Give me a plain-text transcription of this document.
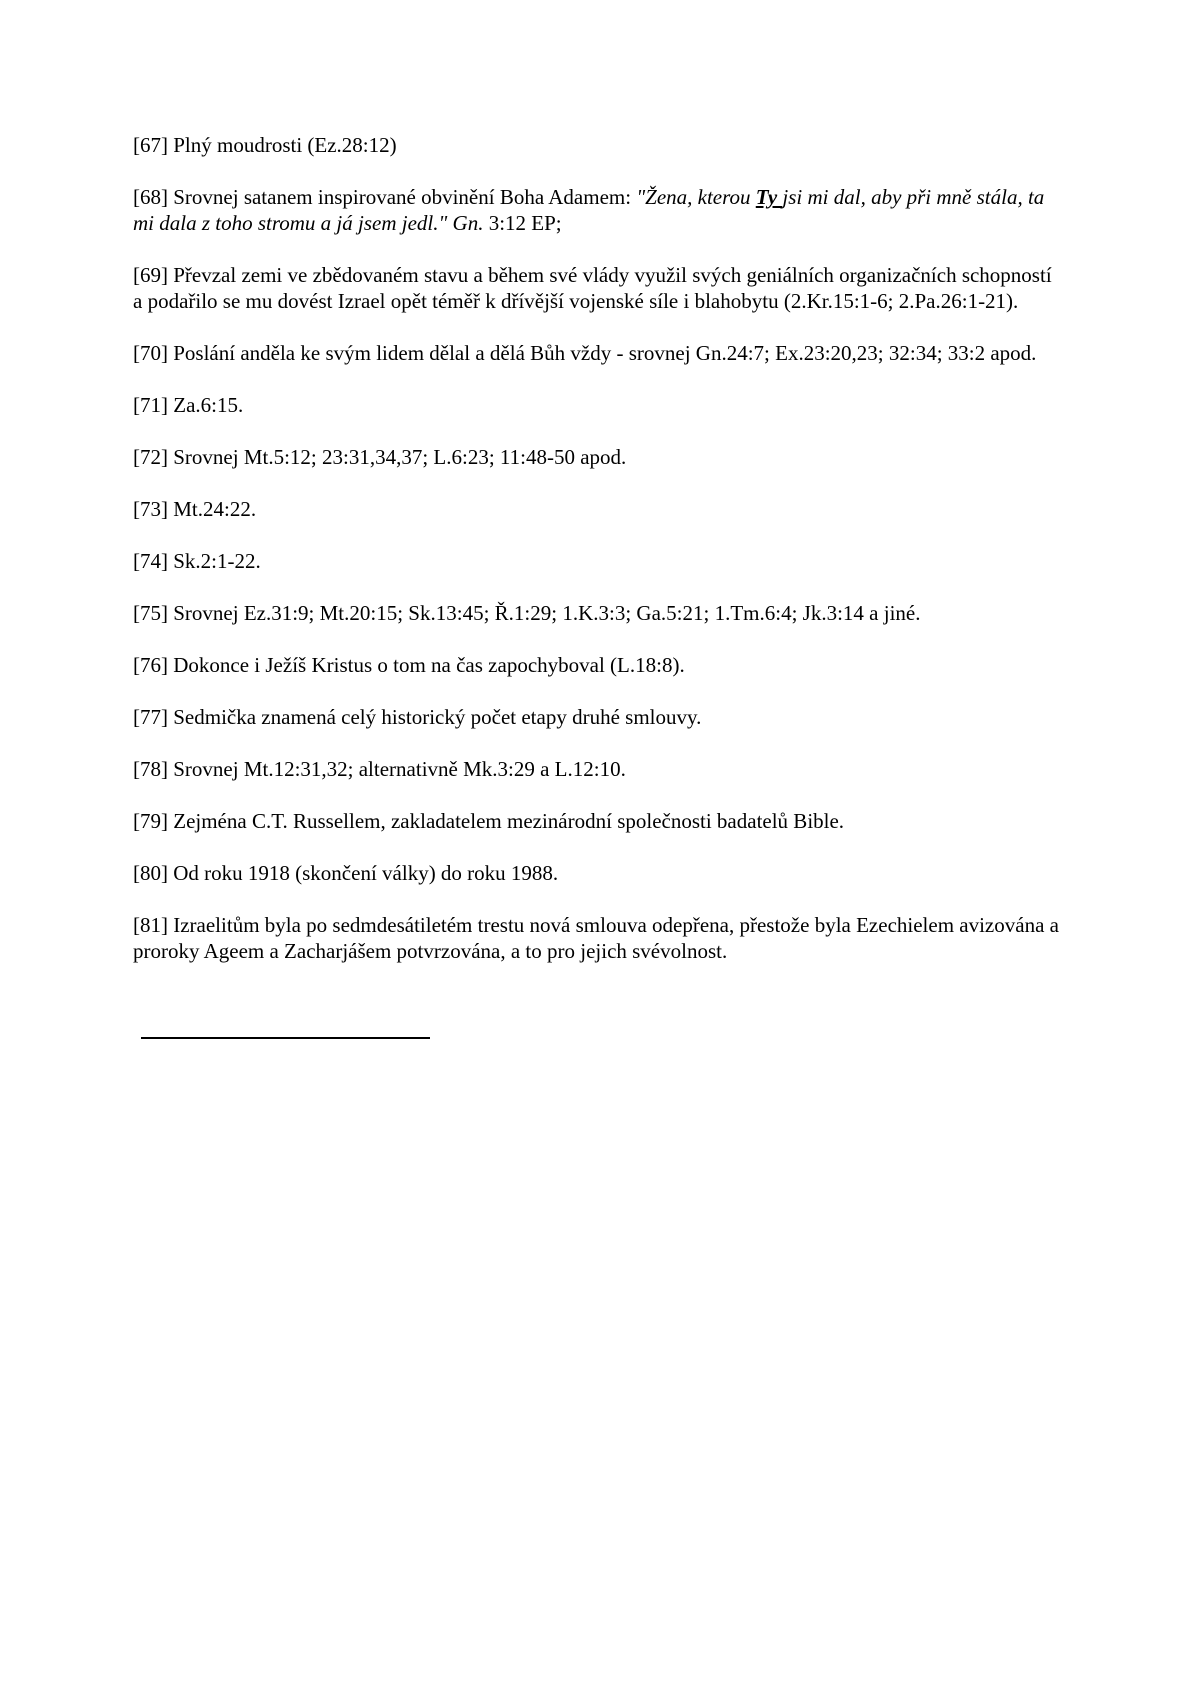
[67] Plný moudrosti (Ez.28:12)

[68] Srovnej satanem inspirované obvinění Boha Adamem: "Žena, kterou Ty jsi mi dal, aby při mně stála, ta mi dala z toho stromu a já jsem jedl." Gn. 3:12 EP;

[69] Převzal zemi ve zbědovaném stavu a během své vlády využil svých geniálních organizačních schopností a podařilo se mu dovést Izrael opět téměř k dřívější vojenské síle i blahobytu (2.Kr.15:1-6; 2.Pa.26:1-21).

[70] Poslání anděla ke svým lidem dělal a dělá Bůh vždy - srovnej Gn.24:7; Ex.23:20,23; 32:34; 33:2 apod.

[71] Za.6:15.

[72] Srovnej Mt.5:12; 23:31,34,37; L.6:23; 11:48-50 apod.

[73] Mt.24:22.

[74] Sk.2:1-22.

[75] Srovnej Ez.31:9; Mt.20:15; Sk.13:45; Ř.1:29; 1.K.3:3; Ga.5:21; 1.Tm.6:4; Jk.3:14 a jiné.

[76] Dokonce i Ježíš Kristus o tom na čas zapochyboval (L.18:8).

[77] Sedmička znamená celý historický počet etapy druhé smlouvy.

[78] Srovnej Mt.12:31,32; alternativně Mk.3:29 a L.12:10.

[79] Zejména C.T. Russellem, zakladatelem mezinárodní společnosti badatelů Bible.

[80] Od roku 1918 (skončení války) do roku 1988.

[81] Izraelitům byla po sedmdesátiletém trestu nová smlouva odepřena, přestože byla Ezechielem avizována a proroky Ageem a Zacharjášem potvrzována, a to pro jejich svévolnost.
